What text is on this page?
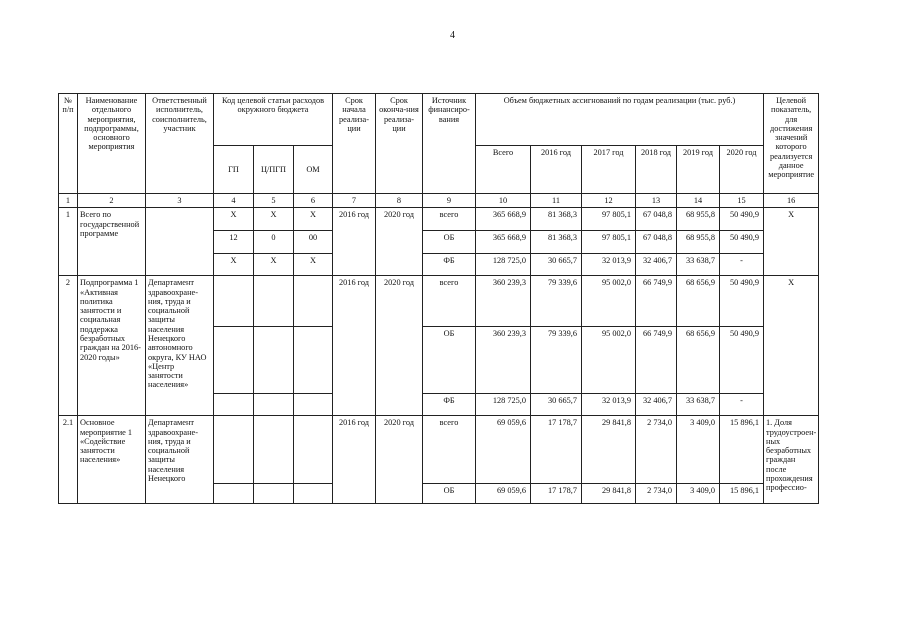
4
№ п/п	Наименование отдельного мероприятия, подпрограммы, основного мероприятия	Ответственный исполнитель, соисполнитель, участник	Код целевой статьи расходов окружного бюджета			Срок начала реализа-ции	Срок оконча-ния реализа-ции	Источник финансиро-вания	Объем бюджетных ассигнований по годам реализации (тыс. руб.)						Целевой показатель, для достижения значений которого реализуется данное мероприятие
			ГП	Ц/ПГП	ОМ				Всего	2016 год	2017 год	2018 год	2019 год	2020 год	
1	2	3	4	5	6	7	8	9	10	11	12	13	14	15	16
1	Всего по государственной программе		Х	Х	Х	2016 год	2020 год	всего	365 668,9	81 368,3	97 805,1	67 048,8	68 955,8	50 490,9	Х
			12	0	00			ОБ	365 668,9	81 368,3	97 805,1	67 048,8	68 955,8	50 490,9	
			Х	Х	Х			ФБ	128 725,0	30 665,7	32 013,9	32 406,7	33 638,7	-	
2	Подпрограмма 1 «Активная политика занятости и социальная поддержка безработных граждан на 2016-2020 годы»	Департамент здравоохране-ния, труда и социальной защиты населения Ненецкого автономного округа, КУ НАО «Центр занятости населения»				2016 год	2020 год	всего	360 239,3	79 339,6	95 002,0	66 749,9	68 656,9	50 490,9	Х
								ОБ	360 239,3	79 339,6	95 002,0	66 749,9	68 656,9	50 490,9	
								ФБ	128 725,0	30 665,7	32 013,9	32 406,7	33 638,7	-	
2.1	Основное мероприятие 1 «Содействие занятости населения»	Департамент здравоохране-ния, труда и социальной защиты населения Ненецкого				2016 год	2020 год	всего	69 059,6	17 178,7	29 841,8	2 734,0	3 409,0	15 896,1	1. Доля трудоустроен-ных безработных граждан после прохождения профессио-
								ОБ	69 059,6	17 178,7	29 841,8	2 734,0	3 409,0	15 896,1	
